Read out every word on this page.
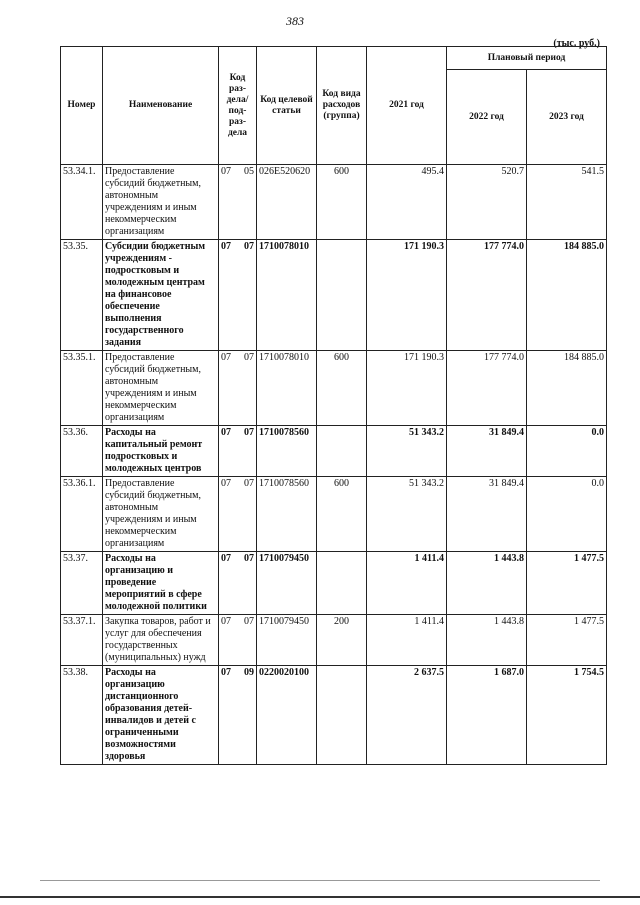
383
(тыс. руб.)
Номер	Наименование	Код раз-дела/ под-раз-дела	Код целевой статьи	Код вида расходов (группа)	2021 год	Плановый период	
						2022 год	2023 год
53.34.1.	Предоставление субсидий бюджетным, автономным учреждениям и иным некоммерческим организациям	07 05	026E520620	600	495.4	520.7	541.5
53.35.	Субсидии бюджетным учреждениям - подростковым и молодежным центрам на финансовое обеспечение выполнения государственного задания	07 07	1710078010		171 190.3	177 774.0	184 885.0
53.35.1.	Предоставление субсидий бюджетным, автономным учреждениям и иным некоммерческим организациям	07 07	1710078010	600	171 190.3	177 774.0	184 885.0
53.36.	Расходы на капитальный ремонт подростковых и молодежных центров	07 07	1710078560		51 343.2	31 849.4	0.0
53.36.1.	Предоставление субсидий бюджетным, автономным учреждениям и иным некоммерческим организациям	07 07	1710078560	600	51 343.2	31 849.4	0.0
53.37.	Расходы на организацию и проведение мероприятий в сфере молодежной политики	07 07	1710079450		1 411.4	1 443.8	1 477.5
53.37.1.	Закупка товаров, работ и услуг для обеспечения государственных (муниципальных) нужд	07 07	1710079450	200	1 411.4	1 443.8	1 477.5
53.38.	Расходы на организацию дистанционного образования детей-инвалидов и детей с ограниченными возможностями здоровья	07 09	0220020100		2 637.5	1 687.0	1 754.5
